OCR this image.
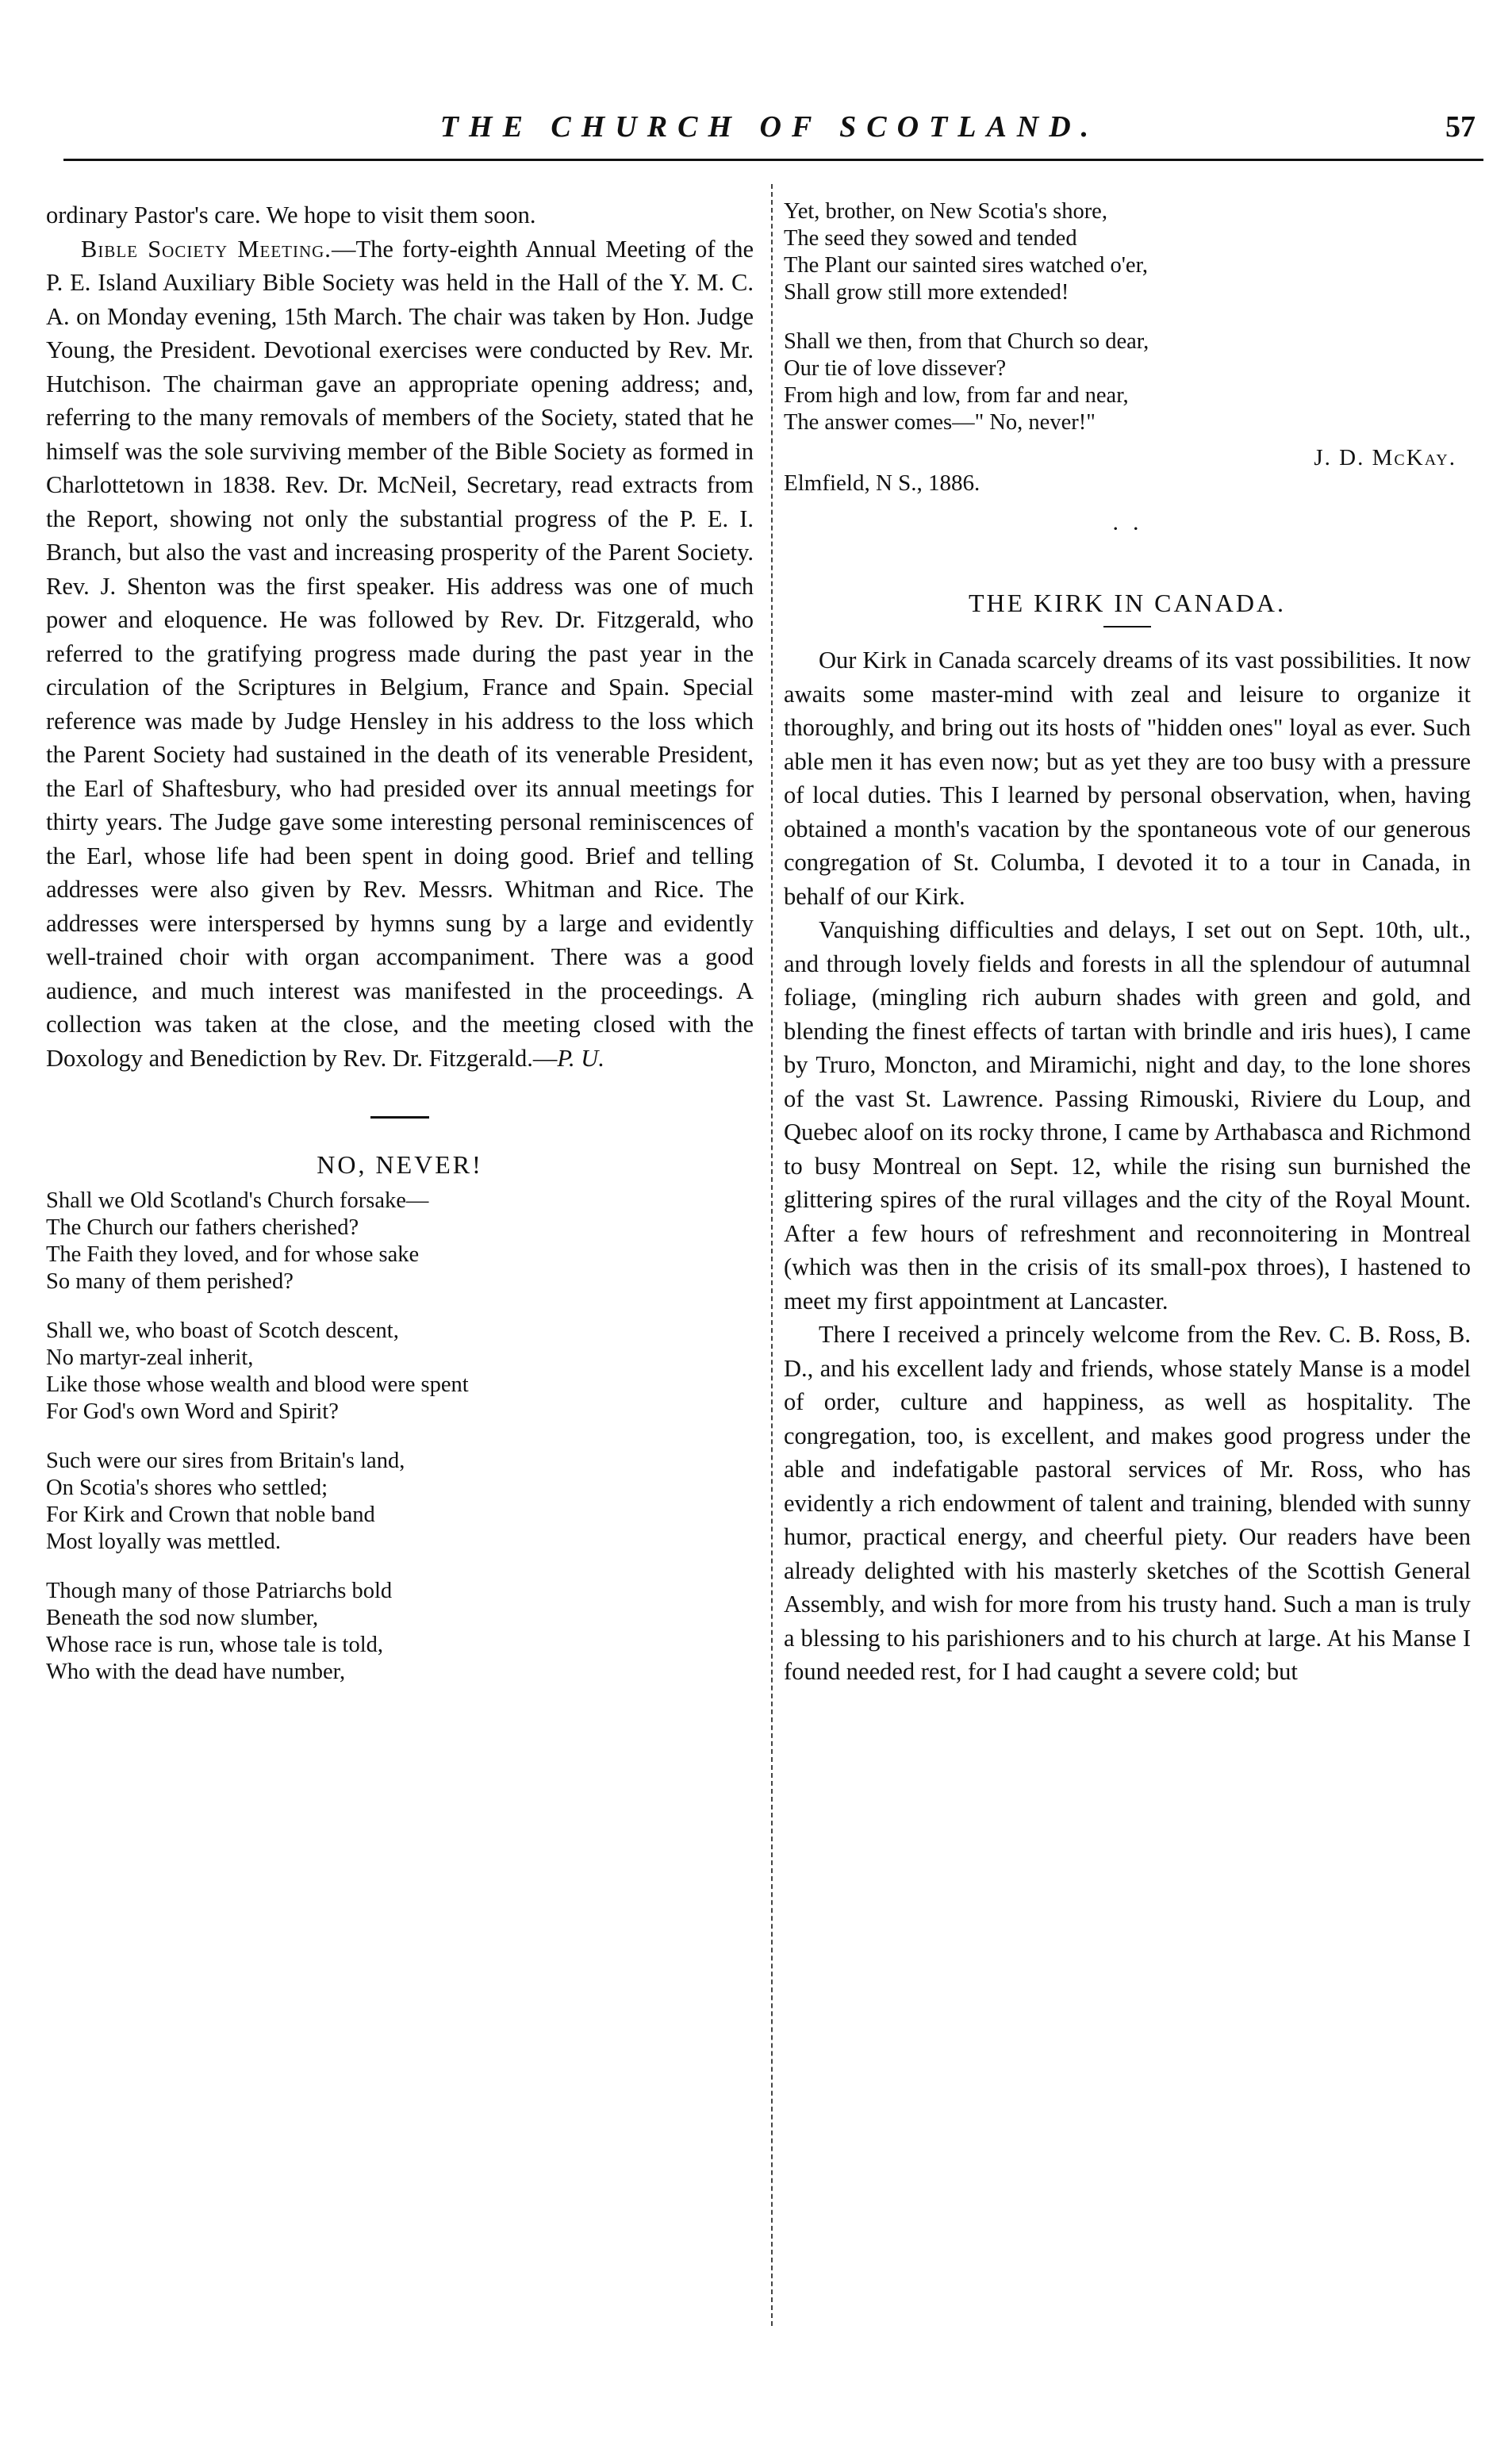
THE CHURCH OF SCOTLAND.	57

ordinary Pastor's care. We hope to visit them soon.

Bible Society Meeting.—The forty-eighth Annual Meeting of the P. E. Island Auxiliary Bible Society was held in the Hall of the Y. M. C. A. on Monday evening, 15th March. The chair was taken by Hon. Judge Young, the President. Devotional exercises were conducted by Rev. Mr. Hutchison. The chairman gave an appropriate opening address; and, referring to the many removals of members of the Society, stated that he himself was the sole surviving member of the Bible Society as formed in Charlottetown in 1838. Rev. Dr. McNeil, Secretary, read extracts from the Report, showing not only the substantial progress of the P. E. I. Branch, but also the vast and increasing prosperity of the Parent Society. Rev. J. Shenton was the first speaker. His address was one of much power and eloquence. He was followed by Rev. Dr. Fitzgerald, who referred to the gratifying progress made during the past year in the circulation of the Scriptures in Belgium, France and Spain. Special reference was made by Judge Hensley in his address to the loss which the Parent Society had sustained in the death of its venerable President, the Earl of Shaftesbury, who had presided over its annual meetings for thirty years. The Judge gave some interesting personal reminiscences of the Earl, whose life had been spent in doing good. Brief and telling addresses were also given by Rev. Messrs. Whitman and Rice. The addresses were interspersed by hymns sung by a large and evidently well-trained choir with organ accompaniment. There was a good audience, and much interest was manifested in the proceedings. A collection was taken at the close, and the meeting closed with the Doxology and Benediction by Rev. Dr. Fitzgerald.—P. U.

NO, NEVER!
Shall we Old Scotland's Church forsake—
The Church our fathers cherished?
The Faith they loved, and for whose sake
So many of them perished?
Shall we, who boast of Scotch descent,
No martyr-zeal inherit,
Like those whose wealth and blood were spent
For God's own Word and Spirit?
Such were our sires from Britain's land,
On Scotia's shores who settled;
For Kirk and Crown that noble band
Most loyally was mettled.
Though many of those Patriarchs bold
Beneath the sod now slumber,
Whose race is run, whose tale is told,
Who with the dead have number,
Yet, brother, on New Scotia's shore,
The seed they sowed and tended
The Plant our sainted sires watched o'er,
Shall grow still more extended!
Shall we then, from that Church so dear,
Our tie of love dissever?
From high and low, from far and near,
The answer comes—" No, never!"
J. D. McKay.
Elmfield, N S., 1886.
· ·
THE KIRK IN CANADA.

Our Kirk in Canada scarcely dreams of its vast possibilities. It now awaits some master-mind with zeal and leisure to organize it thoroughly, and bring out its hosts of "hidden ones" loyal as ever. Such able men it has even now; but as yet they are too busy with a pressure of local duties. This I learned by personal observation, when, having obtained a month's vacation by the spontaneous vote of our generous congregation of St. Columba, I devoted it to a tour in Canada, in behalf of our Kirk.

Vanquishing difficulties and delays, I set out on Sept. 10th, ult., and through lovely fields and forests in all the splendour of autumnal foliage, (mingling rich auburn shades with green and gold, and blending the finest effects of tartan with brindle and iris hues), I came by Truro, Moncton, and Miramichi, night and day, to the lone shores of the vast St. Lawrence. Passing Rimouski, Riviere du Loup, and Quebec aloof on its rocky throne, I came by Arthabasca and Richmond to busy Montreal on Sept. 12, while the rising sun burnished the glittering spires of the rural villages and the city of the Royal Mount. After a few hours of refreshment and reconnoitering in Montreal (which was then in the crisis of its small-pox throes), I hastened to meet my first appointment at Lancaster.

There I received a princely welcome from the Rev. C. B. Ross, B. D., and his excellent lady and friends, whose stately Manse is a model of order, culture and happiness, as well as hospitality. The congregation, too, is excellent, and makes good progress under the able and indefatigable pastoral services of Mr. Ross, who has evidently a rich endowment of talent and training, blended with sunny humor, practical energy, and cheerful piety. Our readers have been already delighted with his masterly sketches of the Scottish General Assembly, and wish for more from his trusty hand. Such a man is truly a blessing to his parishioners and to his church at large. At his Manse I found needed rest, for I had caught a severe cold; but
